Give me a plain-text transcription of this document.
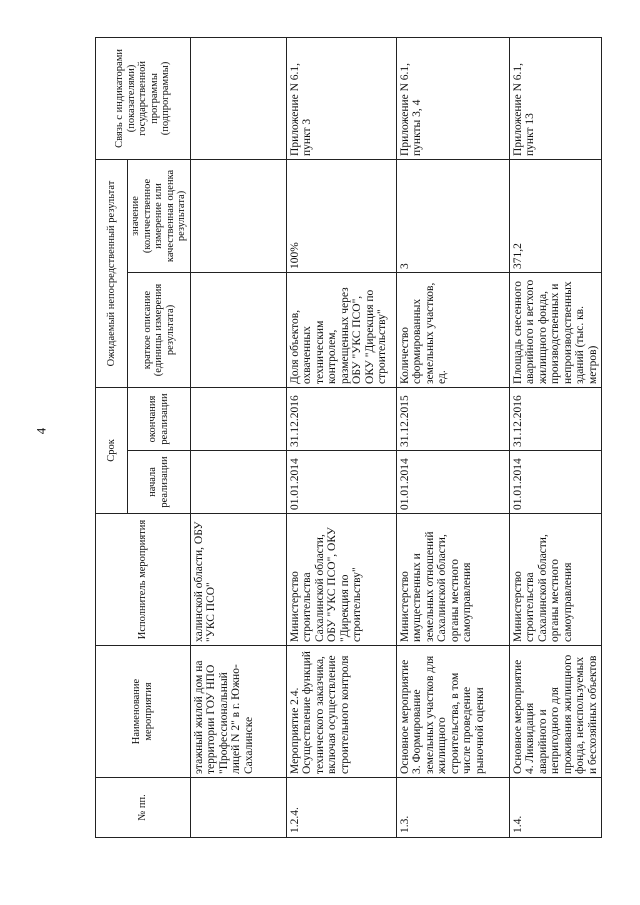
4
№ пп.	Наименование мероприятия	Исполнитель мероприятия	Срок		Ожидаемый непосредственный результат		Связь с индикаторами (показателями) государственной программы (подпрограммы)
			начала реализации	окончания реализации	краткое описание (единицы измерения результата)	значение (количественное измерение или качественная оценка результата)	
	этажный жилой дом на территории ГОУ НПО "Профессиональный лицей N 2" в г. Южно-Сахалинске	халинской области, ОБУ "УКС ПСО"					
1.2.4.	Мероприятие 2.4. Осуществление функций технического заказчика, включая осуществление строительного контроля	Министерство строительства Сахалинской области, ОБУ "УКС ПСО", ОКУ "Дирекция по строительству"	01.01.2014	31.12.2016	Доля объектов, охваченных техническим контролем, размещенных через ОБУ "УКС ПСО", ОКУ "Дирекция по строительству"	100%	Приложение N 6.1, пункт 3
1.3.	Основное мероприятие 3. Формирование земельных участков для жилищного строительства, в том числе проведение рыночной оценки	Министерство имущественных и земельных отношений Сахалинской области, органы местного самоуправления	01.01.2014	31.12.2015	Количество сформированных земельных участков, ед.	3	Приложение N 6.1, пункты 3, 4
1.4.	Основное мероприятие 4. Ликвидация аварийного и непригодного для проживания жилищного фонда, неиспользуемых и бесхозяйных объектов	Министерство строительства Сахалинской области, органы местного самоуправления	01.01.2014	31.12.2016	Площадь снесенного аварийного и ветхого жилищного фонда, производственных и непроизводственных зданий (тыс. кв. метров)	371,2	Приложение N 6.1, пункт 13
